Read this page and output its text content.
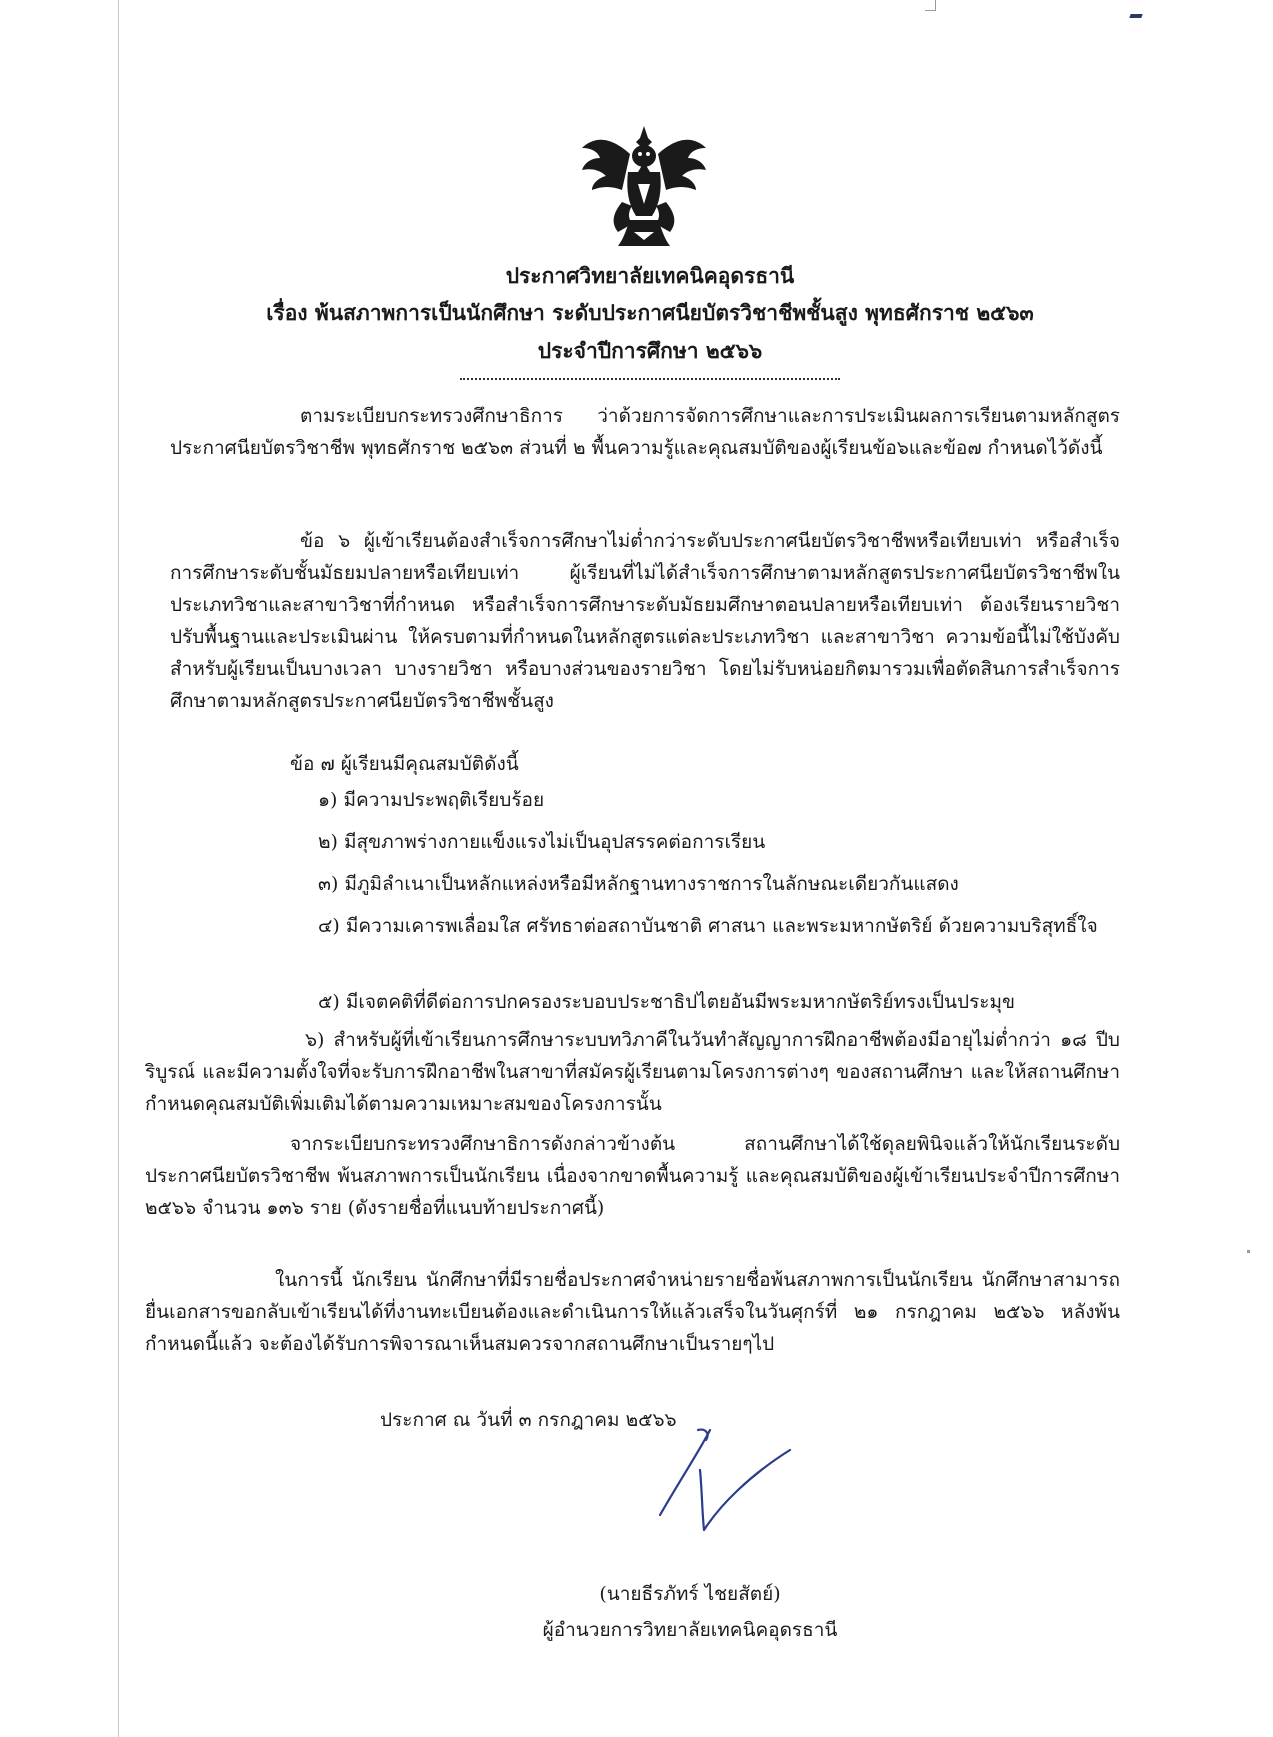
ประกาศวิทยาลัยเทคนิคอุดรธานี
เรื่อง พ้นสภาพการเป็นนักศึกษา ระดับประกาศนียบัตรวิชาชีพชั้นสูง พุทธศักราช ๒๕๖๓
ประจำปีการศึกษา ๒๕๖๖
ตามระเบียบกระทรวงศึกษาธิการ ว่าด้วยการจัดการศึกษาและการประเมินผลการเรียนตามหลักสูตรประกาศนียบัตรวิชาชีพ พุทธศักราช ๒๕๖๓ ส่วนที่ ๒ พื้นความรู้และคุณสมบัติของผู้เรียนข้อ๖และข้อ๗ กำหนดไว้ดังนี้
ข้อ ๖ ผู้เข้าเรียนต้องสำเร็จการศึกษาไม่ต่ำกว่าระดับประกาศนียบัตรวิชาชีพหรือเทียบเท่า หรือสำเร็จการศึกษาระดับชั้นมัธยมปลายหรือเทียบเท่า ผู้เรียนที่ไม่ได้สำเร็จการศึกษาตามหลักสูตรประกาศนียบัตรวิชาชีพในประเภทวิชาและสาขาวิชาที่กำหนด หรือสำเร็จการศึกษาระดับมัธยมศึกษาตอนปลายหรือเทียบเท่า ต้องเรียนรายวิชาปรับพื้นฐานและประเมินผ่าน ให้ครบตามที่กำหนดในหลักสูตรแต่ละประเภทวิชา และสาขาวิชา ความข้อนี้ไม่ใช้บังคับสำหรับผู้เรียนเป็นบางเวลา บางรายวิชา หรือบางส่วนของรายวิชา โดยไม่รับหน่อยกิตมารวมเพื่อตัดสินการสำเร็จการศึกษาตามหลักสูตรประกาศนียบัตรวิชาชีพชั้นสูง
ข้อ ๗ ผู้เรียนมีคุณสมบัติดังนี้
๑) มีความประพฤติเรียบร้อย
๒) มีสุขภาพร่างกายแข็งแรงไม่เป็นอุปสรรคต่อการเรียน
๓) มีภูมิลำเนาเป็นหลักแหล่งหรือมีหลักฐานทางราชการในลักษณะเดียวกันแสดง
๔) มีความเคารพเลื่อมใส ศรัทธาต่อสถาบันชาติ ศาสนา และพระมหากษัตริย์ ด้วยความบริสุทธิ์ใจ
๕) มีเจตคติที่ดีต่อการปกครองระบอบประชาธิปไตยอันมีพระมหากษัตริย์ทรงเป็นประมุข
๖) สำหรับผู้ที่เข้าเรียนการศึกษาระบบทวิภาคีในวันทำสัญญาการฝึกอาชีพต้องมีอายุไม่ต่ำกว่า ๑๘ ปีบริบูรณ์ และมีความตั้งใจที่จะรับการฝึกอาชีพในสาขาที่สมัครผู้เรียนตามโครงการต่างๆ ของสถานศึกษา และให้สถานศึกษากำหนดคุณสมบัติเพิ่มเติมได้ตามความเหมาะสมของโครงการนั้น
จากระเบียบกระทรวงศึกษาธิการดังกล่าวข้างต้น สถานศึกษาได้ใช้ดุลยพินิจแล้วให้นักเรียนระดับประกาศนียบัตรวิชาชีพ พ้นสภาพการเป็นนักเรียน เนื่องจากขาดพื้นความรู้ และคุณสมบัติของผู้เข้าเรียนประจำปีการศึกษา ๒๕๖๖ จำนวน ๑๓๖ ราย (ดังรายชื่อที่แนบท้ายประกาศนี้)
ในการนี้ นักเรียน นักศึกษาที่มีรายชื่อประกาศจำหน่ายรายชื่อพ้นสภาพการเป็นนักเรียน นักศึกษาสามารถยื่นเอกสารขอกลับเข้าเรียนได้ที่งานทะเบียนต้องและดำเนินการให้แล้วเสร็จในวันศุกร์ที่ ๒๑ กรกฎาคม ๒๕๖๖ หลังพ้นกำหนดนี้แล้ว จะต้องได้รับการพิจารณาเห็นสมควรจากสถานศึกษาเป็นรายๆไป
ประกาศ ณ วันที่ ๓ กรกฎาคม ๒๕๖๖
(นายธีรภัทร์ ไชยสัตย์)
ผู้อำนวยการวิทยาลัยเทคนิคอุดรธานี
